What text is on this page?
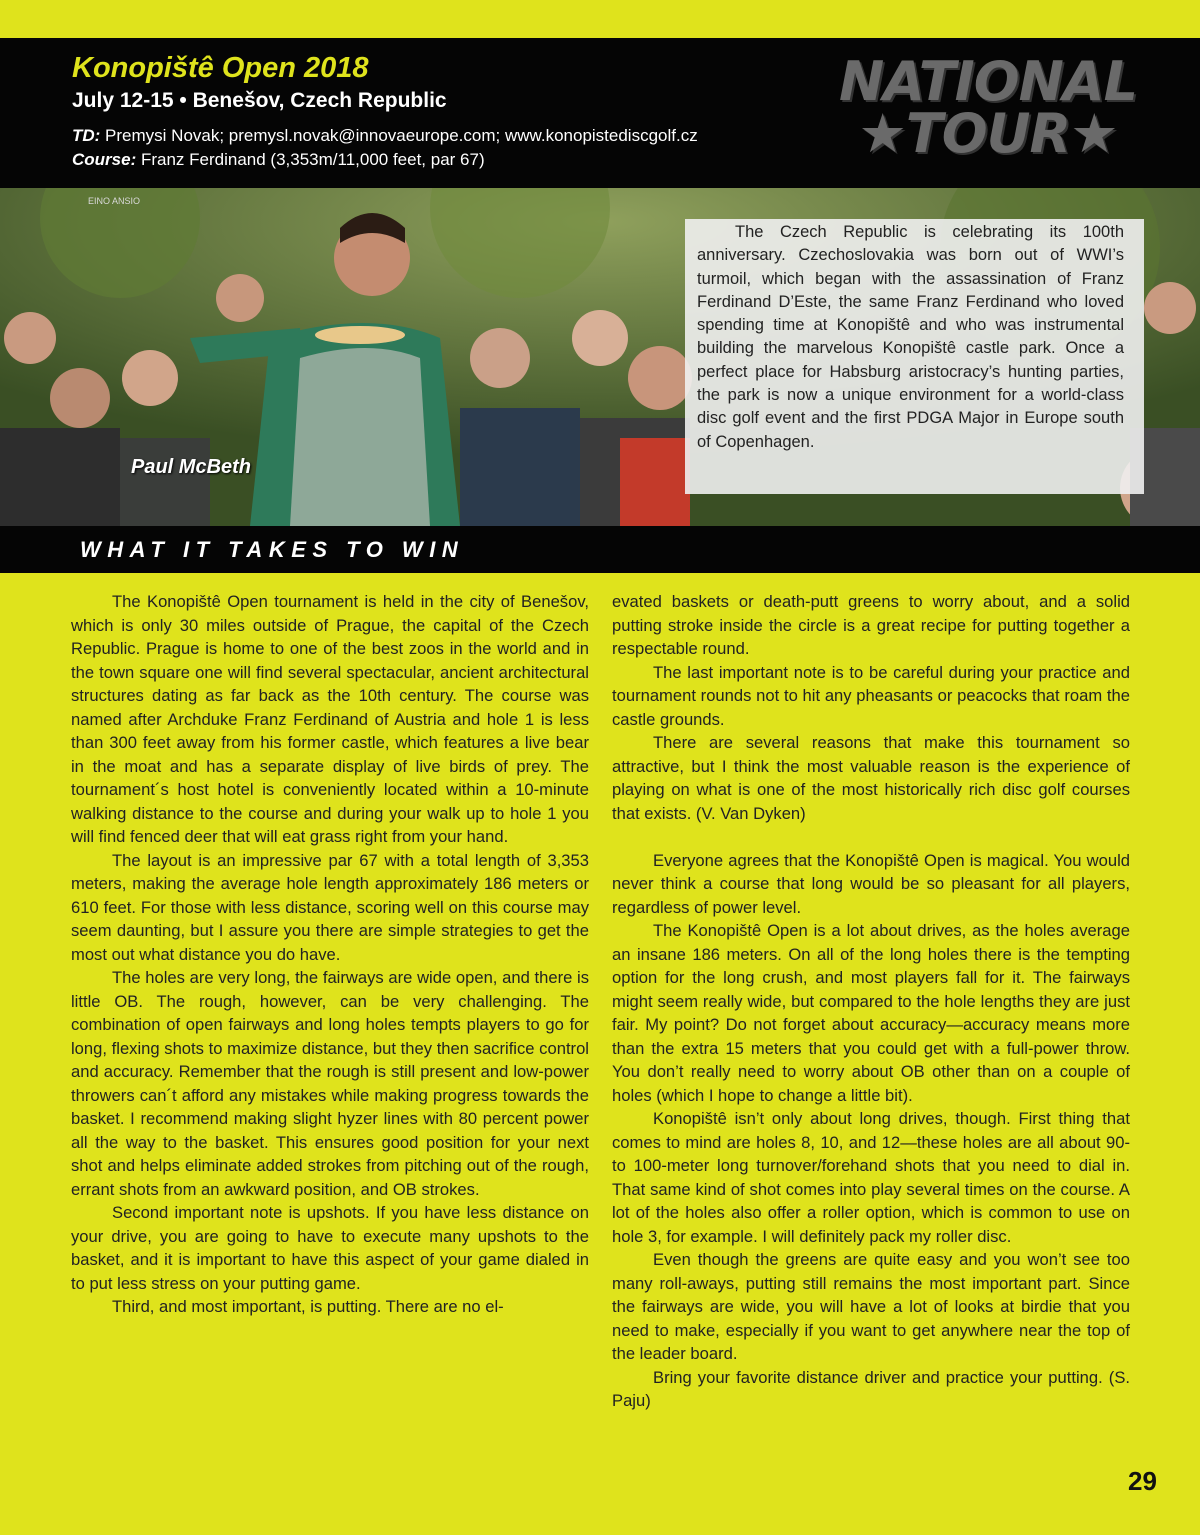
Konopištê Open 2018
July 12-15 • Benešov, Czech Republic
TD: Premysi Novak; premysl.novak@innovaeurope.com; www.konopistediscgolf.cz
Course: Franz Ferdinand (3,353m/11,000 feet, par 67)
NATIONAL
★TOUR★
EINO ANSIO
Paul McBeth

The Czech Republic is celebrating its 100th anniversary. Czechoslovakia was born out of WWI’s turmoil, which began with the assassination of Franz Ferdinand D’Este, the same Franz Ferdinand who loved spending time at Konopištê and who was instrumental building the marvelous Konopištê castle park. Once a perfect place for Habsburg aristocracy’s hunting parties, the park is now a unique environment for a world-class disc golf event and the first PDGA Major in Europe south of Copenhagen.

WHAT IT TAKES TO WIN

The Konopištê Open tournament is held in the city of Benešov, which is only 30 miles outside of Prague, the capital of the Czech Republic. Prague is home to one of the best zoos in the world and in the town square one will find several spectacular, ancient architectural structures dating as far back as the 10th century. The course was named after Archduke Franz Ferdinand of Austria and hole 1 is less than 300 feet away from his former castle, which features a live bear in the moat and has a separate display of live birds of prey. The tournament´s host hotel is conveniently located within a 10-minute walking distance to the course and during your walk up to hole 1 you will find fenced deer that will eat grass right from your hand.

The layout is an impressive par 67 with a total length of 3,353 meters, making the average hole length approximately 186 meters or 610 feet. For those with less distance, scoring well on this course may seem daunting, but I assure you there are simple strategies to get the most out what distance you do have.

The holes are very long, the fairways are wide open, and there is little OB. The rough, however, can be very challenging. The combination of open fairways and long holes tempts players to go for long, flexing shots to maximize distance, but they then sacrifice control and accuracy. Remember that the rough is still present and low-power throwers can´t afford any mistakes while making progress towards the basket. I recommend making slight hyzer lines with 80 percent power all the way to the basket. This ensures good position for your next shot and helps eliminate added strokes from pitching out of the rough, errant shots from an awkward position, and OB strokes.

Second important note is upshots. If you have less distance on your drive, you are going to have to execute many upshots to the basket, and it is important to have this aspect of your game dialed in to put less stress on your putting game.

Third, and most important, is putting. There are no el-

evated baskets or death-putt greens to worry about, and a solid putting stroke inside the circle is a great recipe for putting together a respectable round.

The last important note is to be careful during your practice and tournament rounds not to hit any pheasants or peacocks that roam the castle grounds.

There are several reasons that make this tournament so attractive, but I think the most valuable reason is the experience of playing on what is one of the most historically rich disc golf courses that exists. (V. Van Dyken)

Everyone agrees that the Konopištê Open is magical. You would never think a course that long would be so pleasant for all players, regardless of power level.

The Konopištê Open is a lot about drives, as the holes average an insane 186 meters. On all of the long holes there is the tempting option for the long crush, and most players fall for it. The fairways might seem really wide, but compared to the hole lengths they are just fair. My point? Do not forget about accuracy—accuracy means more than the extra 15 meters that you could get with a full-power throw. You don’t really need to worry about OB other than on a couple of holes (which I hope to change a little bit).

Konopištê isn’t only about long drives, though. First thing that comes to mind are holes 8, 10, and 12—these holes are all about 90- to 100-meter long turnover/forehand shots that you need to dial in. That same kind of shot comes into play several times on the course. A lot of the holes also offer a roller option, which is common to use on hole 3, for example. I will definitely pack my roller disc.

Even though the greens are quite easy and you won’t see too many roll-aways, putting still remains the most important part. Since the fairways are wide, you will have a lot of looks at birdie that you need to make, especially if you want to get anywhere near the top of the leader board.

Bring your favorite distance driver and practice your putting. (S. Paju)

29
